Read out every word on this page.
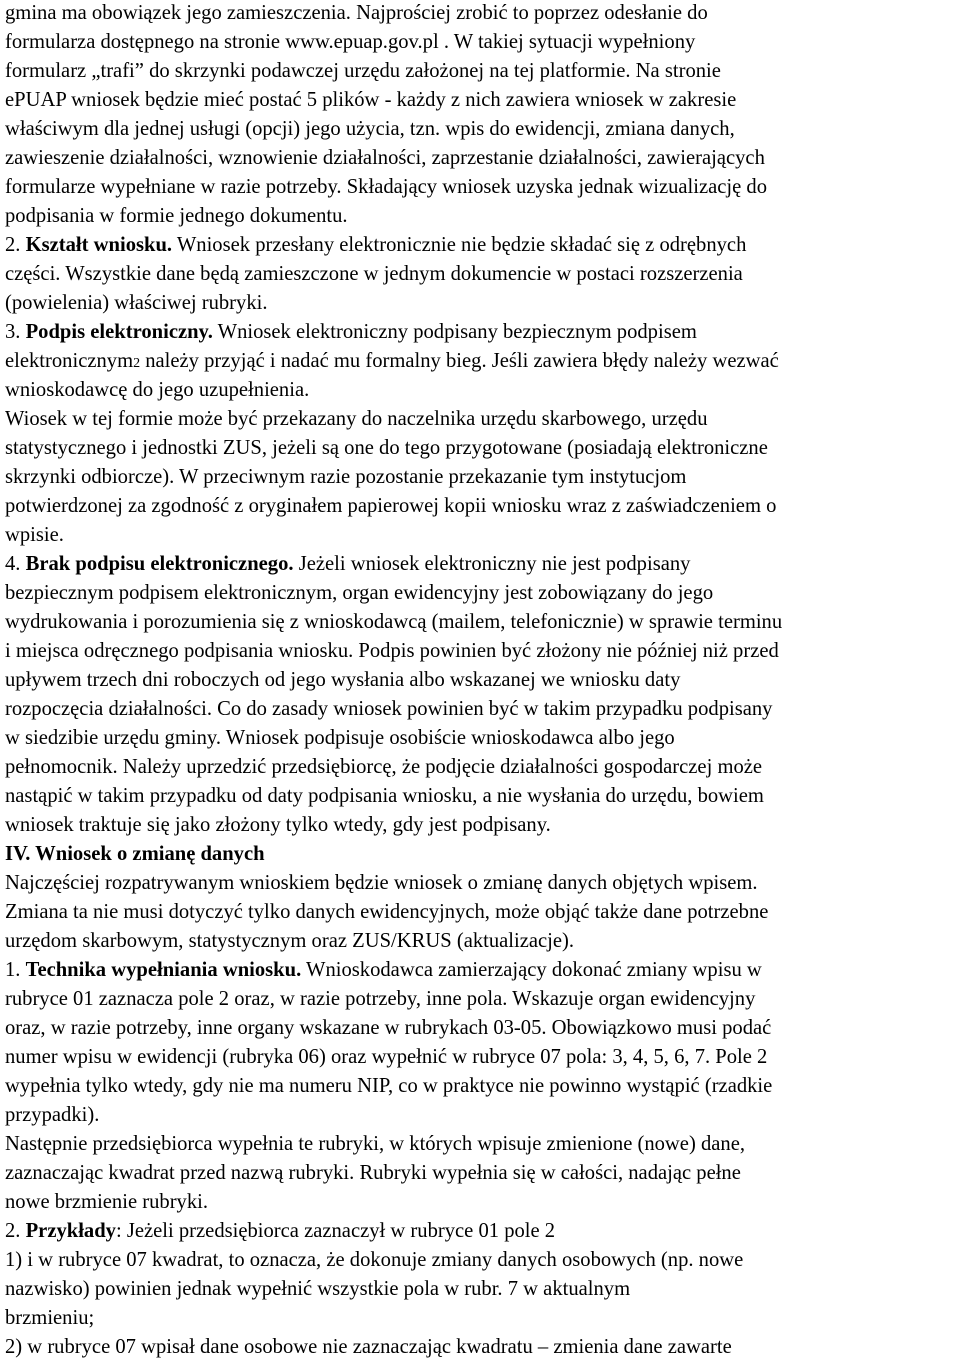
gmina ma obowiązek jego zamieszczenia. Najprościej zrobić to poprzez odesłanie do
formularza dostępnego na stronie www.epuap.gov.pl . W takiej sytuacji wypełniony
formularz „trafi” do skrzynki podawczej urzędu założonej na tej platformie. Na stronie
ePUAP wniosek będzie mieć postać 5 plików - każdy z nich zawiera wniosek w zakresie
właściwym dla jednej usługi (opcji) jego użycia, tzn. wpis do ewidencji, zmiana danych,
zawieszenie działalności, wznowienie działalności, zaprzestanie działalności, zawierających
formularze wypełniane w razie potrzeby. Składający wniosek uzyska jednak wizualizację do
podpisania w formie jednego dokumentu.
2. Kształt wniosku. Wniosek przesłany elektronicznie nie będzie składać się z odrębnych
części. Wszystkie dane będą zamieszczone w jednym dokumencie w postaci rozszerzenia
(powielenia) właściwej rubryki.
3. Podpis elektroniczny. Wniosek elektroniczny podpisany bezpiecznym podpisem
elektronicznym2 należy przyjąć i nadać mu formalny bieg. Jeśli zawiera błędy należy wezwać
wnioskodawcę do jego uzupełnienia.
Wiosek w tej formie może być przekazany do naczelnika urzędu skarbowego, urzędu
statystycznego i jednostki ZUS, jeżeli są one do tego przygotowane (posiadają elektroniczne
skrzynki odbiorcze). W przeciwnym razie pozostanie przekazanie tym instytucjom
potwierdzonej za zgodność z oryginałem papierowej kopii wniosku wraz z zaświadczeniem o
wpisie.
4. Brak podpisu elektronicznego. Jeżeli wniosek elektroniczny nie jest podpisany
bezpiecznym podpisem elektronicznym, organ ewidencyjny jest zobowiązany do jego
wydrukowania i porozumienia się z wnioskodawcą (mailem, telefonicznie) w sprawie terminu
i miejsca odręcznego podpisania wniosku. Podpis powinien być złożony nie później niż przed
upływem trzech dni roboczych od jego wysłania albo wskazanej we wniosku daty
rozpoczęcia działalności. Co do zasady wniosek powinien być w takim przypadku podpisany
w siedzibie urzędu gminy. Wniosek podpisuje osobiście wnioskodawca albo jego
pełnomocnik. Należy uprzedzić przedsiębiorcę, że podjęcie działalności gospodarczej może
nastąpić w takim przypadku od daty podpisania wniosku, a nie wysłania do urzędu, bowiem
wniosek traktuje się jako złożony tylko wtedy, gdy jest podpisany.
IV. Wniosek o zmianę danych
Najczęściej rozpatrywanym wnioskiem będzie wniosek o zmianę danych objętych wpisem.
Zmiana ta nie musi dotyczyć tylko danych ewidencyjnych, może objąć także dane potrzebne
urzędom skarbowym, statystycznym oraz ZUS/KRUS (aktualizacje).
1. Technika wypełniania wniosku. Wnioskodawca zamierzający dokonać zmiany wpisu w
rubryce 01 zaznacza pole 2 oraz, w razie potrzeby, inne pola. Wskazuje organ ewidencyjny
oraz, w razie potrzeby, inne organy wskazane w rubrykach 03-05. Obowiązkowo musi podać
numer wpisu w ewidencji (rubryka 06) oraz wypełnić w rubryce 07 pola: 3, 4, 5, 6, 7. Pole 2
wypełnia tylko wtedy, gdy nie ma numeru NIP, co w praktyce nie powinno wystąpić (rzadkie
przypadki).
Następnie przedsiębiorca wypełnia te rubryki, w których wpisuje zmienione (nowe) dane,
zaznaczając kwadrat przed nazwą rubryki. Rubryki wypełnia się w całości, nadając pełne
nowe brzmienie rubryki.
2. Przykłady: Jeżeli przedsiębiorca zaznaczył w rubryce 01 pole 2
1) i w rubryce 07 kwadrat, to oznacza, że dokonuje zmiany danych osobowych (np. nowe
nazwisko) powinien jednak wypełnić wszystkie pola w rubr. 7 w aktualnym
brzmieniu;
2) w rubryce 07 wpisał dane osobowe nie zaznaczając kwadratu – zmienia dane zawarte
